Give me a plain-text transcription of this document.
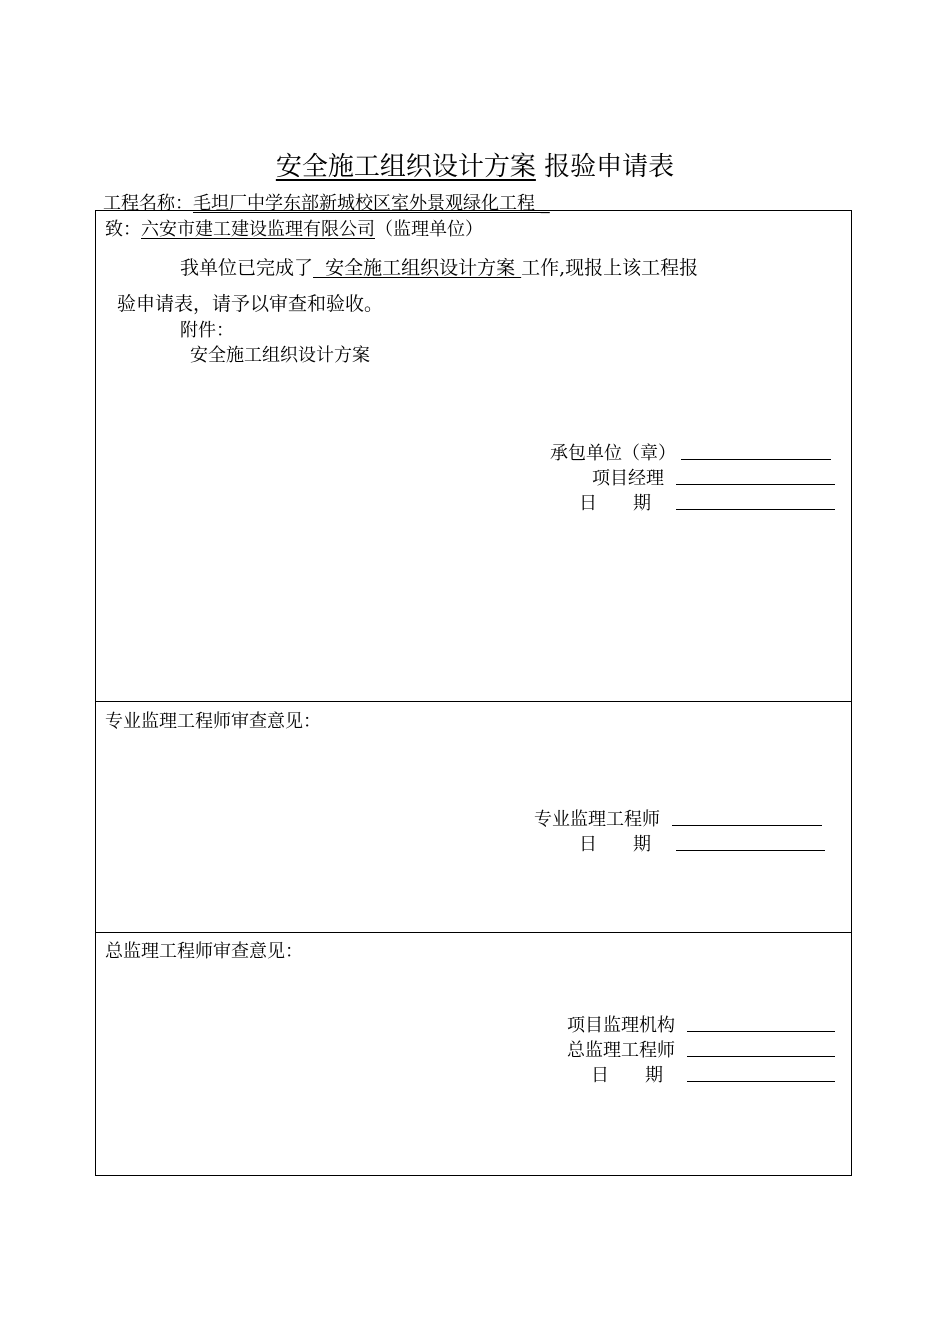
安全施工组织设计方案 报验申请表
工程名称：毛坦厂中学东部新城校区室外景观绿化工程 _
致：六安市建工建设监理有限公司（监理单位）
我单位已完成了  安全施工组织设计方案 工作,现报上该工程报
验申请表，请予以审查和验收。
附件：
安全施工组织设计方案
承包单位（章）
项目经理
日　　期
专业监理工程师审查意见：
专业监理工程师
日　　期
总监理工程师审查意见：
项目监理机构
总监理工程师
日　　期
